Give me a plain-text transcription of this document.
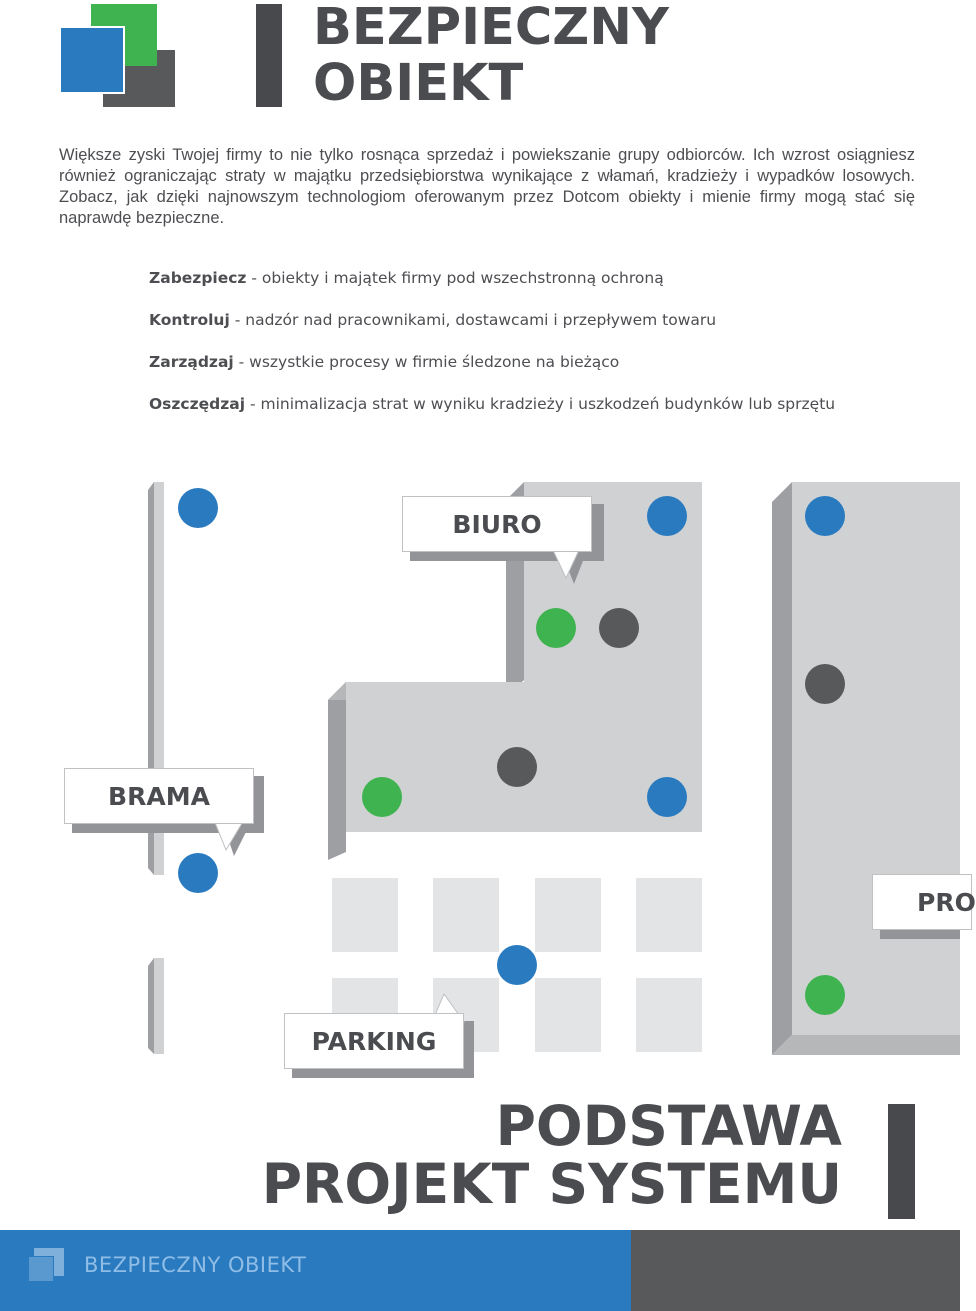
BEZPIECZNY
OBIEKT

Większe zyski Twojej firmy to nie tylko rosnąca sprzedaż i powiekszanie grupy odbiorców. Ich wzrost osiągniesz również ograniczając straty w majątku przedsiębiorstwa wynikające z włamań, kradzieży i wypadków losowych. Zobacz, jak dzięki najnowszym technologiom oferowanym przez Dotcom obiekty i mienie firmy mogą stać się naprawdę bezpieczne.

Zabezpiecz - obiekty i majątek firmy pod wszechstronną ochroną
Kontroluj - nadzór nad pracownikami, dostawcami i przepływem towaru
Zarządzaj - wszystkie procesy w firmie śledzone na bieżąco
Oszczędzaj - minimalizacja strat w wyniku kradzieży i uszkodzeń budynków lub sprzętu
BIURO
BRAMA
PARKING
PRO
PODSTAWA
PROJEKT SYSTEMU
BEZPIECZNY OBIEKT
